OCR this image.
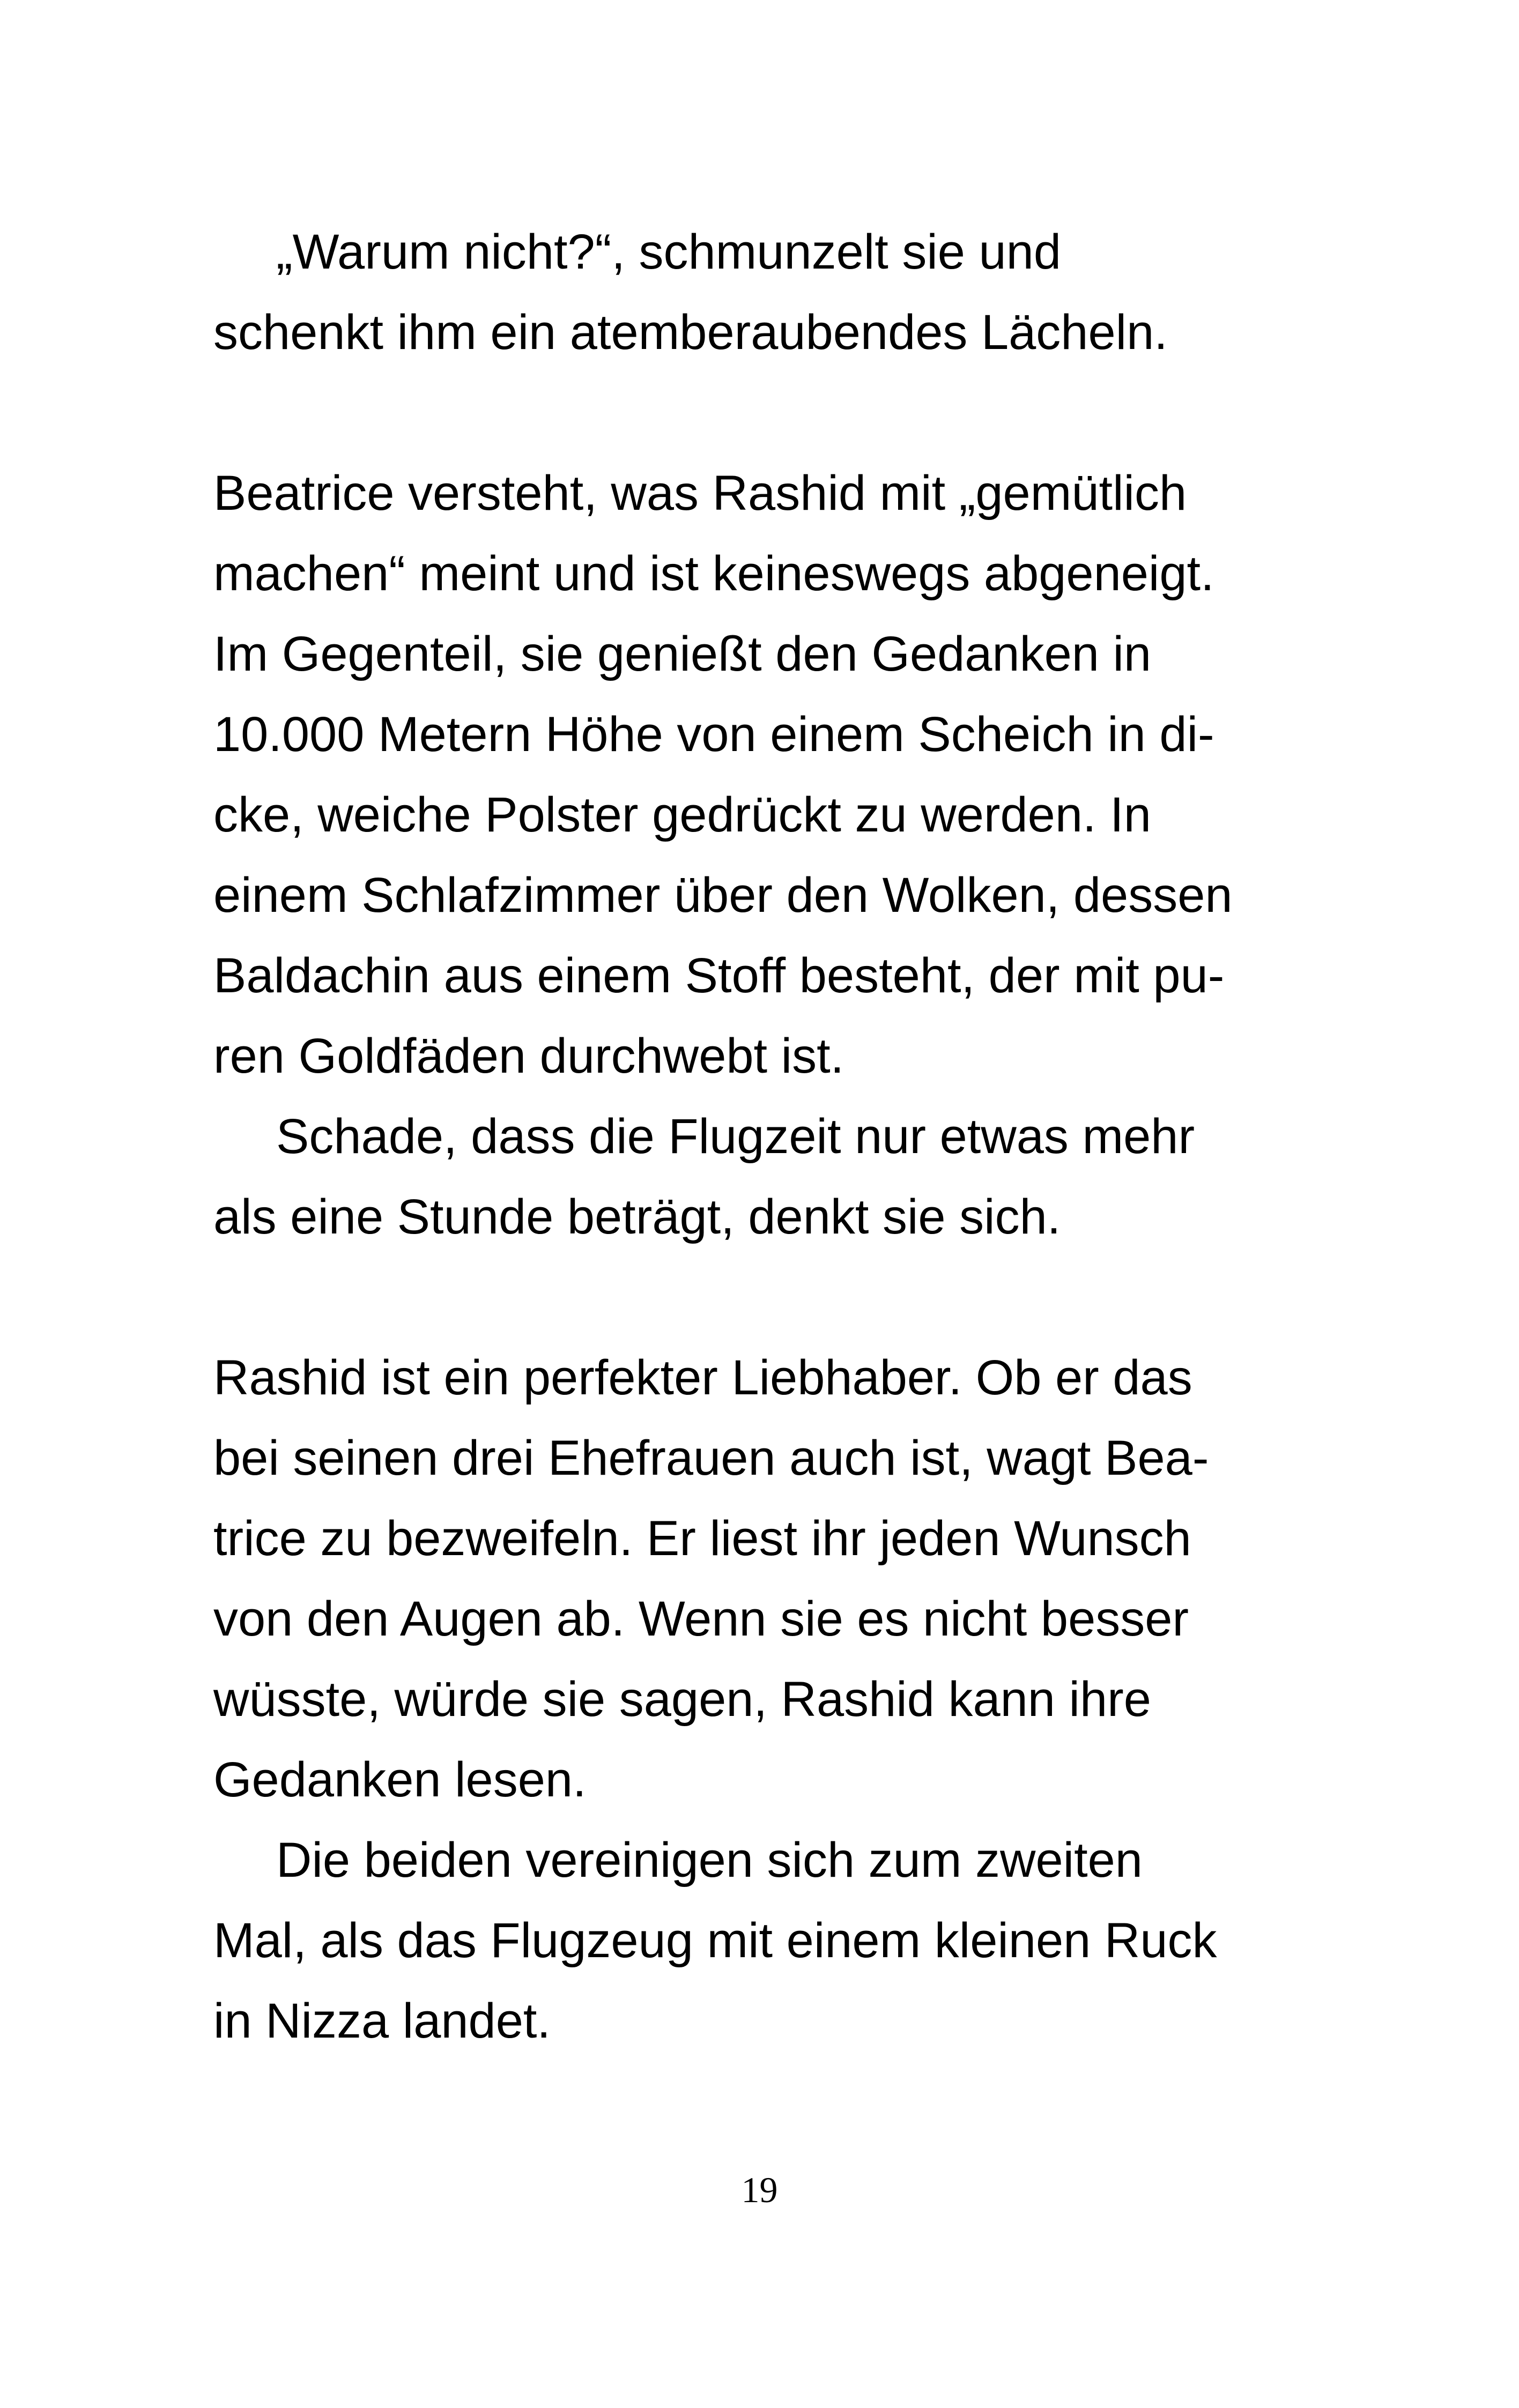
„Warum nicht?“, schmunzelt sie und
schenkt ihm ein atemberaubendes Lächeln.
Beatrice versteht, was Rashid mit „gemütlich
machen“ meint und ist keineswegs abgeneigt.
Im Gegenteil, sie genießt den Gedanken in
10.000 Metern Höhe von einem Scheich in di-
cke, weiche Polster gedrückt zu werden. In
einem Schlafzimmer über den Wolken, dessen
Baldachin aus einem Stoff besteht, der mit pu-
ren Goldfäden durchwebt ist.
Schade, dass die Flugzeit nur etwas mehr
als eine Stunde beträgt, denkt sie sich.
Rashid ist ein perfekter Liebhaber. Ob er das
bei seinen drei Ehefrauen auch ist, wagt Bea-
trice zu bezweifeln. Er liest ihr jeden Wunsch
von den Augen ab. Wenn sie es nicht besser
wüsste, würde sie sagen, Rashid kann ihre
Gedanken lesen.
Die beiden vereinigen sich zum zweiten
Mal, als das Flugzeug mit einem kleinen Ruck
in Nizza landet.
19
